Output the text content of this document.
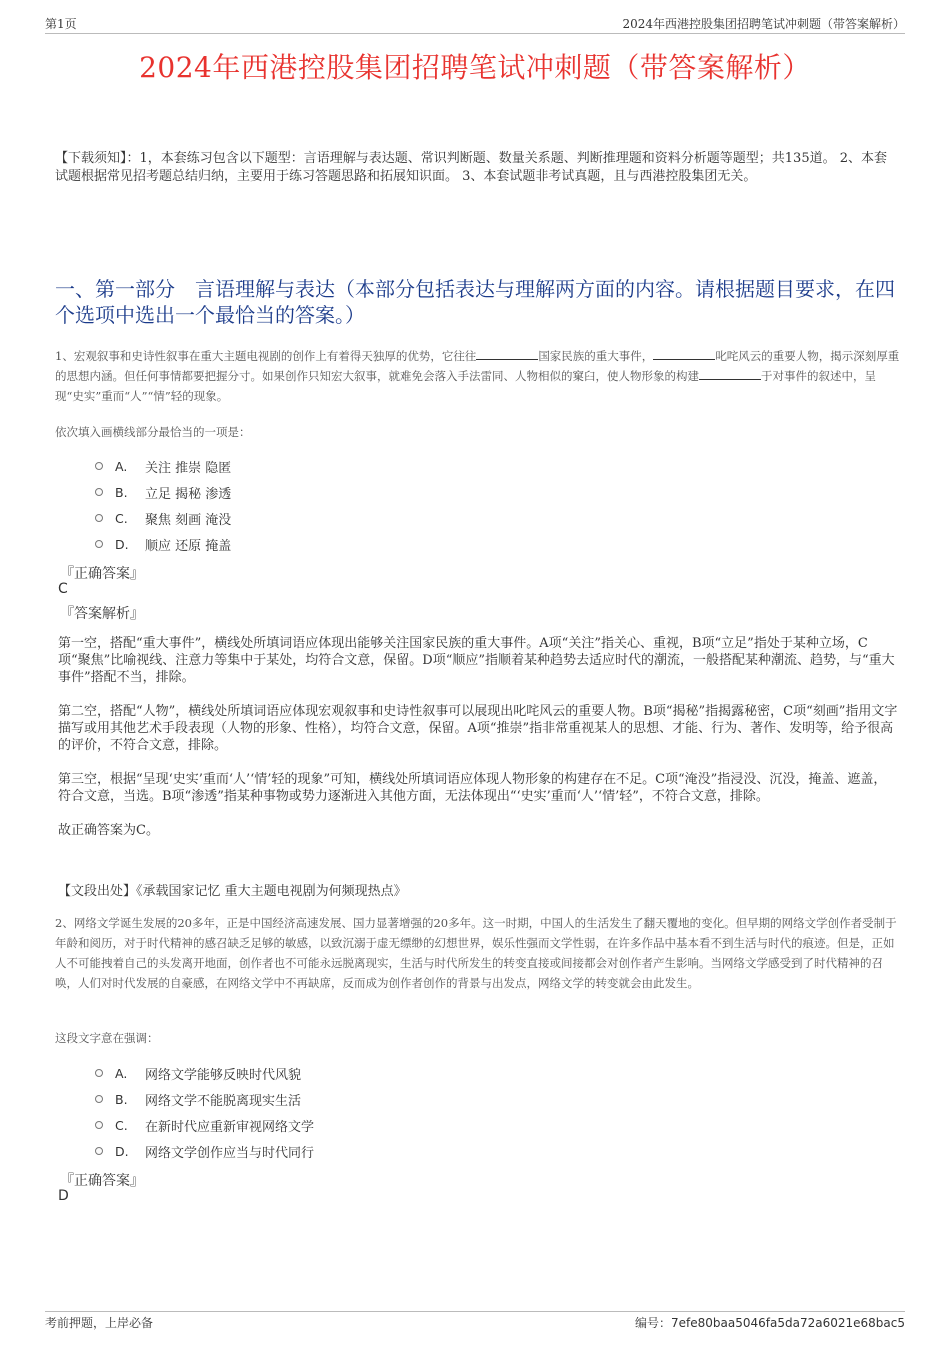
第1页	2024年西港控股集团招聘笔试冲刺题（带答案解析）
2024年西港控股集团招聘笔试冲刺题（带答案解析）
【下载须知】：1，本套练习包含以下题型：言语理解与表达题、常识判断题、数量关系题、判断推理题和资料分析题等题型；共135道。 2、本套试题根据常见招考题总结归纳，主要用于练习答题思路和拓展知识面。 3、本套试题非考试真题，且与西港控股集团无关。
一、第一部分　言语理解与表达（本部分包括表达与理解两方面的内容。请根据题目要求，在四个选项中选出一个最恰当的答案。）
1、宏观叙事和史诗性叙事在重大主题电视剧的创作上有着得天独厚的优势，它往往	国家民族的重大事件，	叱咤风云的重要人物，揭示深刻厚重的思想内涵。但任何事情都要把握分寸。如果创作只知宏大叙事，就难免会落入手法雷同、人物相似的窠臼，使人物形象的构建	于对事件的叙述中，呈现“史实”重而“人”“情”轻的现象。
依次填入画横线部分最恰当的一项是：
A.	关注 推崇 隐匿
B.	立足 揭秘 渗透
C.	聚焦 刻画 淹没
D.	顺应 还原 掩盖
『正确答案』
C
『答案解析』

第一空，搭配“重大事件”，横线处所填词语应体现出能够关注国家民族的重大事件。A项“关注”指关心、重视，B项“立足”指处于某种立场，C项“聚焦”比喻视线、注意力等集中于某处，均符合文意，保留。D项“顺应”指顺着某种趋势去适应时代的潮流，一般搭配某种潮流、趋势，与“重大事件”搭配不当，排除。

第二空，搭配“人物”，横线处所填词语应体现宏观叙事和史诗性叙事可以展现出叱咤风云的重要人物。B项“揭秘”指揭露秘密，C项“刻画”指用文字描写或用其他艺术手段表现（人物的形象、性格），均符合文意，保留。A项“推崇”指非常重视某人的思想、才能、行为、著作、发明等，给予很高的评价，不符合文意，排除。

第三空，根据“呈现‘史实’重而‘人’‘情’轻的现象”可知，横线处所填词语应体现人物形象的构建存在不足。C项“淹没”指浸没、沉没，掩盖、遮盖，符合文意，当选。B项“渗透”指某种事物或势力逐渐进入其他方面，无法体现出“‘史实’重而‘人’‘情’轻”，不符合文意，排除。

故正确答案为C。

【文段出处】《承载国家记忆 重大主题电视剧为何频现热点》
2、网络文学诞生发展的20多年，正是中国经济高速发展、国力显著增强的20多年。这一时期，中国人的生活发生了翻天覆地的变化。但早期的网络文学创作者受制于年龄和阅历，对于时代精神的感召缺乏足够的敏感，以致沉溺于虚无缥缈的幻想世界，娱乐性强而文学性弱，在许多作品中基本看不到生活与时代的痕迹。但是，正如人不可能拽着自己的头发离开地面，创作者也不可能永远脱离现实，生活与时代所发生的转变直接或间接都会对创作者产生影响。当网络文学感受到了时代精神的召唤，人们对时代发展的自豪感，在网络文学中不再缺席，反而成为创作者创作的背景与出发点，网络文学的转变就会由此发生。
这段文字意在强调：
A.	网络文学能够反映时代风貌
B.	网络文学不能脱离现实生活
C.	在新时代应重新审视网络文学
D.	网络文学创作应当与时代同行
『正确答案』
D
考前押题，上岸必备	编号：7efe80baa5046fa5da72a6021e68bac5
